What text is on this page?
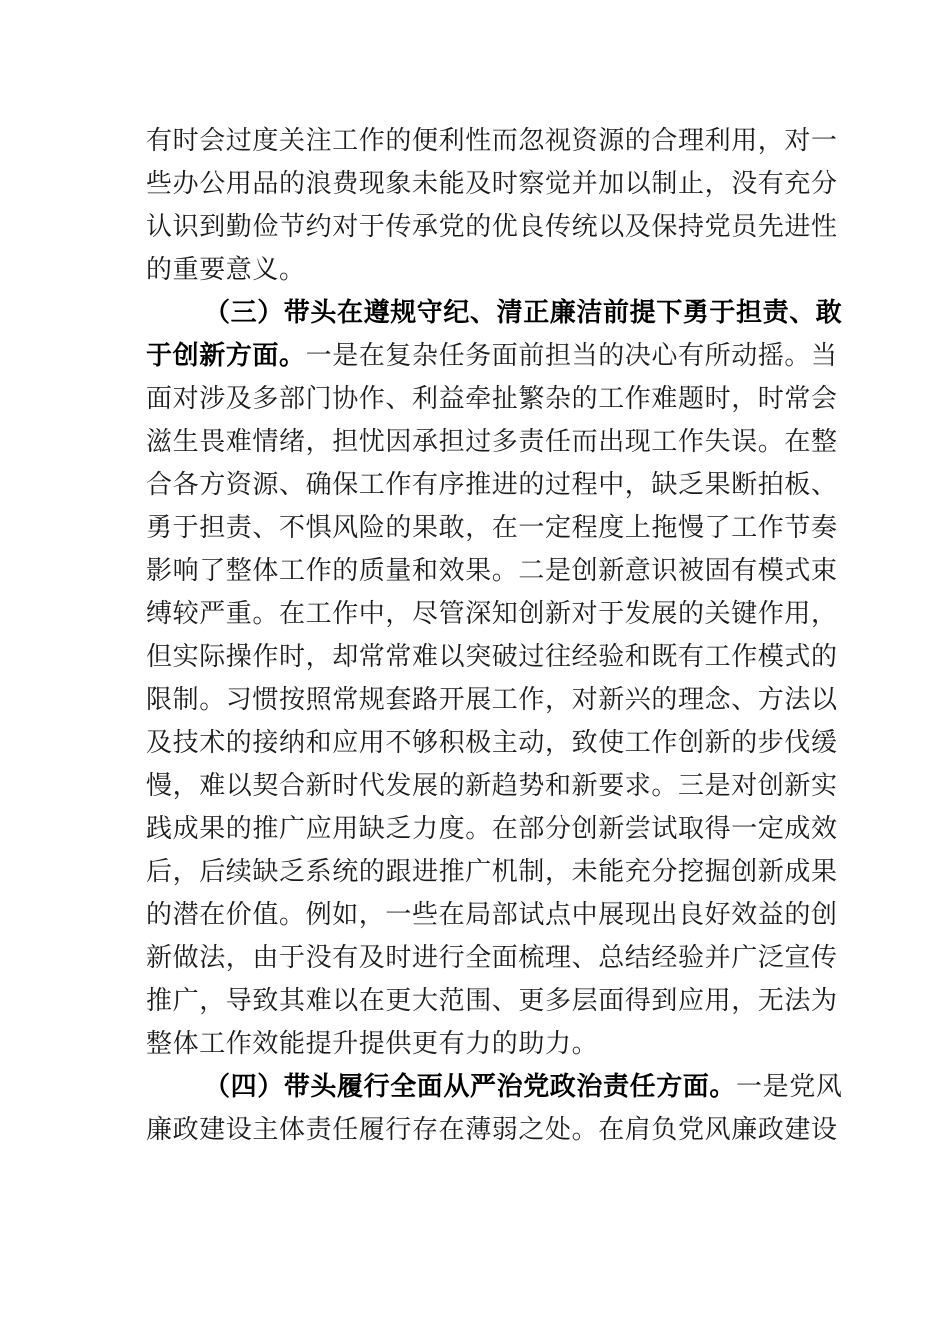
有时会过度关注工作的便利性而忽视资源的合理利用，对一
些办公用品的浪费现象未能及时察觉并加以制止，没有充分
认识到勤俭节约对于传承党的优良传统以及保持党员先进性
的重要意义。
（三）带头在遵规守纪、清正廉洁前提下勇于担责、敢
于创新方面。一是在复杂任务面前担当的决心有所动摇。当
面对涉及多部门协作、利益牵扯繁杂的工作难题时，时常会
滋生畏难情绪，担忧因承担过多责任而出现工作失误。在整
合各方资源、确保工作有序推进的过程中，缺乏果断拍板、
勇于担责、不惧风险的果敢，在一定程度上拖慢了工作节奏
影响了整体工作的质量和效果。二是创新意识被固有模式束
缚较严重。在工作中，尽管深知创新对于发展的关键作用，
但实际操作时，却常常难以突破过往经验和既有工作模式的
限制。习惯按照常规套路开展工作，对新兴的理念、方法以
及技术的接纳和应用不够积极主动，致使工作创新的步伐缓
慢，难以契合新时代发展的新趋势和新要求。三是对创新实
践成果的推广应用缺乏力度。在部分创新尝试取得一定成效
后，后续缺乏系统的跟进推广机制，未能充分挖掘创新成果
的潜在价值。例如，一些在局部试点中展现出良好效益的创
新做法，由于没有及时进行全面梳理、总结经验并广泛宣传
推广，导致其难以在更大范围、更多层面得到应用，无法为
整体工作效能提升提供更有力的助力。
（四）带头履行全面从严治党政治责任方面。一是党风
廉政建设主体责任履行存在薄弱之处。在肩负党风廉政建设
